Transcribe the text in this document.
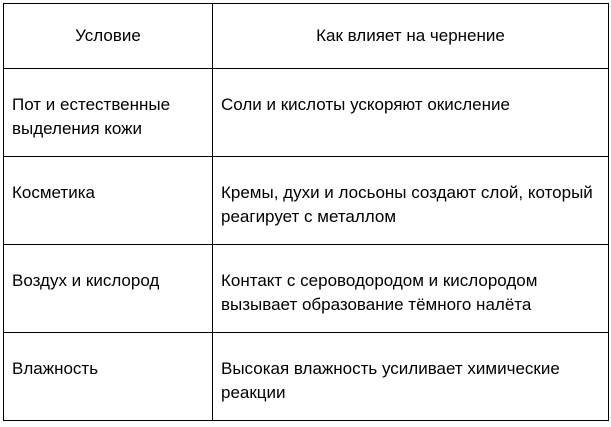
Условие	Как влияет на чернение
Пот и естественные выделения кожи	Соли и кислоты ускоряют окисление
Косметика	Кремы, духи и лосьоны создают слой, который реагирует с металлом
Воздух и кислород	Контакт с сероводородом и кислородом вызывает образование тёмного налёта
Влажность	Высокая влажность усиливает химические реакции
